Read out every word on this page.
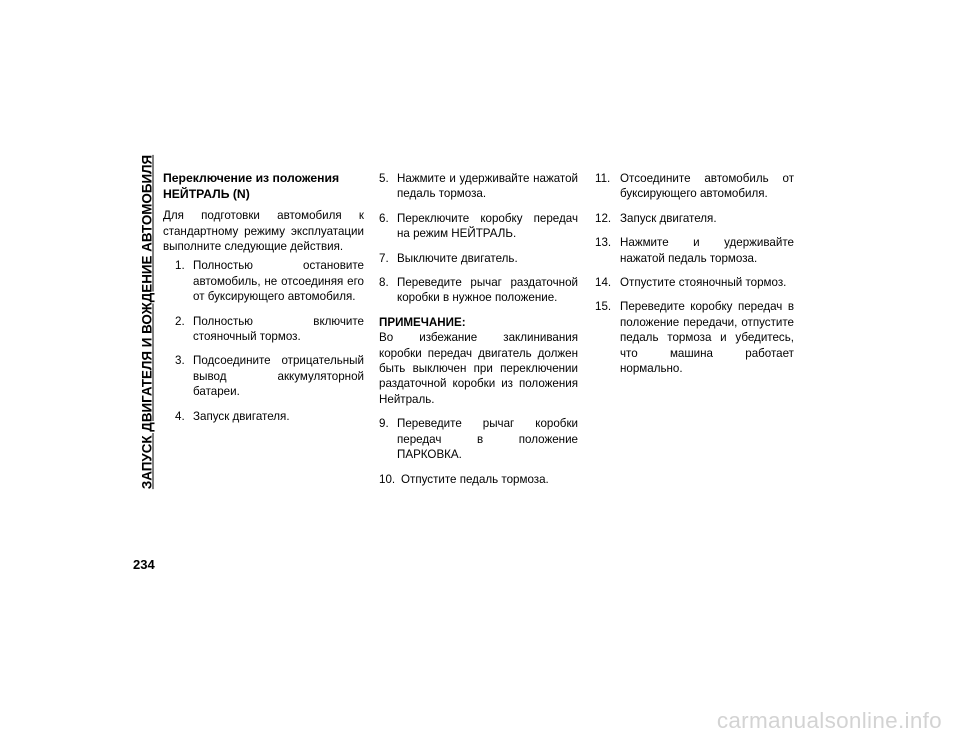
ЗАПУСК ДВИГАТЕЛЯ И ВОЖДЕНИЕ АВТОМОБИЛЯ
234
Переключение из положения
НЕЙТРАЛЬ (N)
Для подготовки автомобиля к стандартному режиму эксплуатации выполните следующие действия.
1. Полностью остановите автомобиль, не отсоединяя его от буксирующего автомобиля.
2. Полностью включите стояночный тормоз.
3. Подсоедините отрицательный вывод аккумуляторной батареи.
4. Запуск двигателя.
5. Нажмите и удерживайте нажатой педаль тормоза.
6. Переключите коробку передач на режим НЕЙТРАЛЬ.
7. Выключите двигатель.
8. Переведите рычаг раздаточной коробки в нужное положение.
ПРИМЕЧАНИЕ:
Во избежание заклинивания коробки передач двигатель должен быть выключен при переключении раздаточной коробки из положения Нейтраль.
9. Переведите рычаг коробки передач в положение ПАРКОВКА.
10. Отпустите педаль тормоза.
11. Отсоедините автомобиль от буксирующего автомобиля.
12. Запуск двигателя.
13. Нажмите и удерживайте нажатой педаль тормоза.
14. Отпустите стояночный тормоз.
15. Переведите коробку передач в положение передачи, отпустите педаль тормоза и убедитесь, что машина работает нормально.
carmanualsonline.info
